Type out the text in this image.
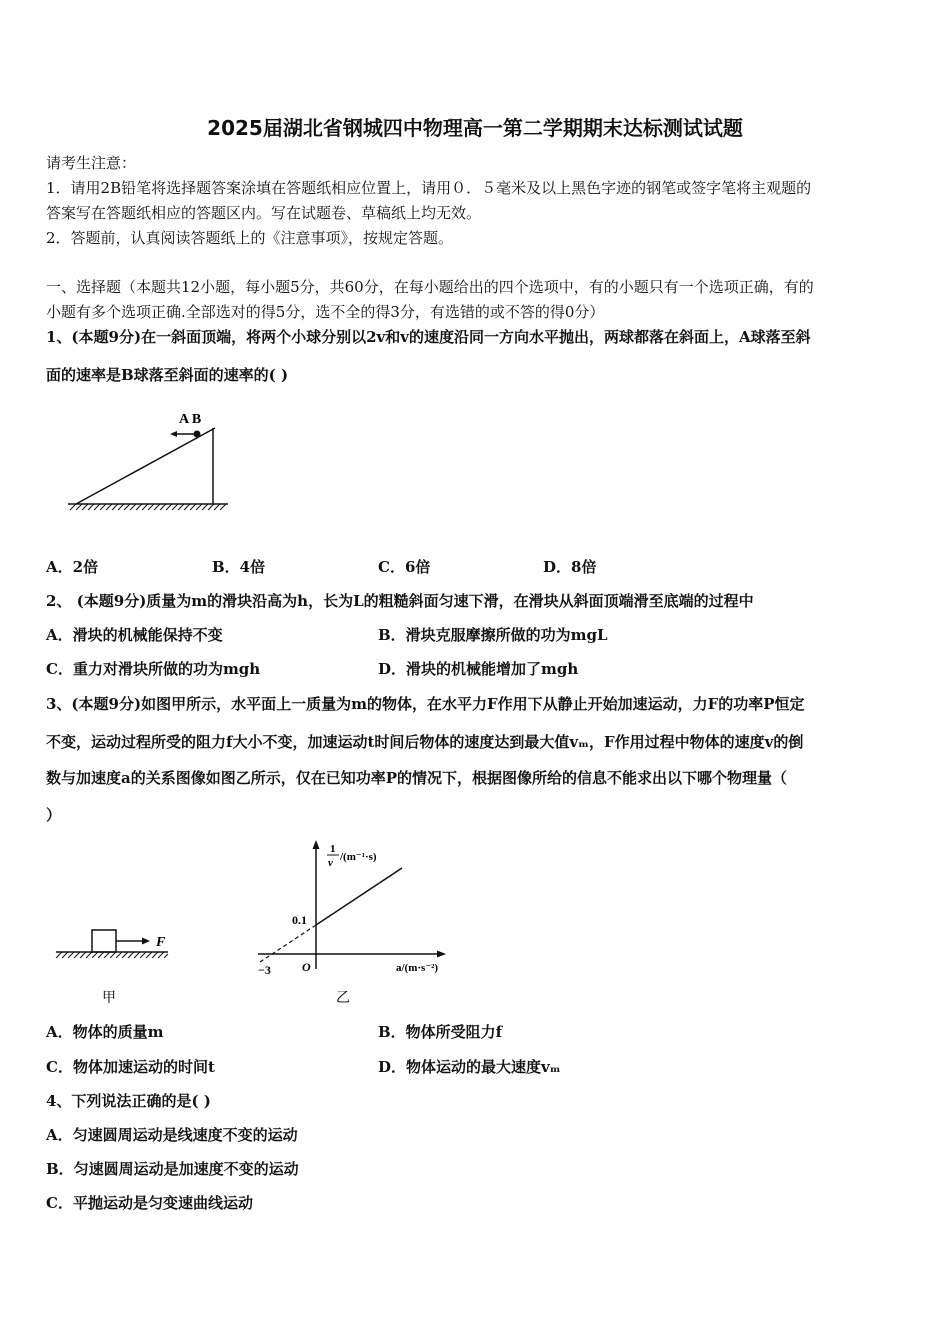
2025届湖北省钢城四中物理高一第二学期期末达标测试试题
请考生注意：
1．请用2B铅笔将选择题答案涂填在答题纸相应位置上，请用０．５毫米及以上黑色字迹的钢笔或签字笔将主观题的
答案写在答题纸相应的答题区内。写在试题卷、草稿纸上均无效。
2．答题前，认真阅读答题纸上的《注意事项》，按规定答题。
一、选择题（本题共12小题，每小题5分，共60分，在每小题给出的四个选项中，有的小题只有一个选项正确，有的
小题有多个选项正确.全部选对的得5分，选不全的得3分，有选错的或不答的得0分）
1、(本题9分)在一斜面顶端，将两个小球分别以2v和v的速度沿同一方向水平抛出，两球都落在斜面上，A球落至斜
面的速率是B球落至斜面的速率的( )
A B
A．2倍	B．4倍	C．6倍	D．8倍
2、 (本题9分)质量为m的滑块沿高为h，长为L的粗糙斜面匀速下滑，在滑块从斜面顶端滑至底端的过程中
A．滑块的机械能保持不变	B．滑块克服摩擦所做的功为mgL
C．重力对滑块所做的功为mgh	D．滑块的机械能增加了mgh
3、(本题9分)如图甲所示，水平面上一质量为m的物体，在水平力F作用下从静止开始加速运动，力F的功率P恒定
不变，运动过程所受的阻力f大小不变，加速运动t时间后物体的速度达到最大值vₘ，F作用过程中物体的速度v的倒
数与加速度a的关系图像如图乙所示，仅在已知功率P的情况下，根据图像所给的信息不能求出以下哪个物理量（
）
F
甲
1
v /(m⁻¹·s)
0.1
O
−3	a/(m·s⁻²)
乙
A．物体的质量m	B．物体所受阻力f
C．物体加速运动的时间t	D．物体运动的最大速度vₘ
4、下列说法正确的是( )
A．匀速圆周运动是线速度不变的运动
B．匀速圆周运动是加速度不变的运动
C．平抛运动是匀变速曲线运动
